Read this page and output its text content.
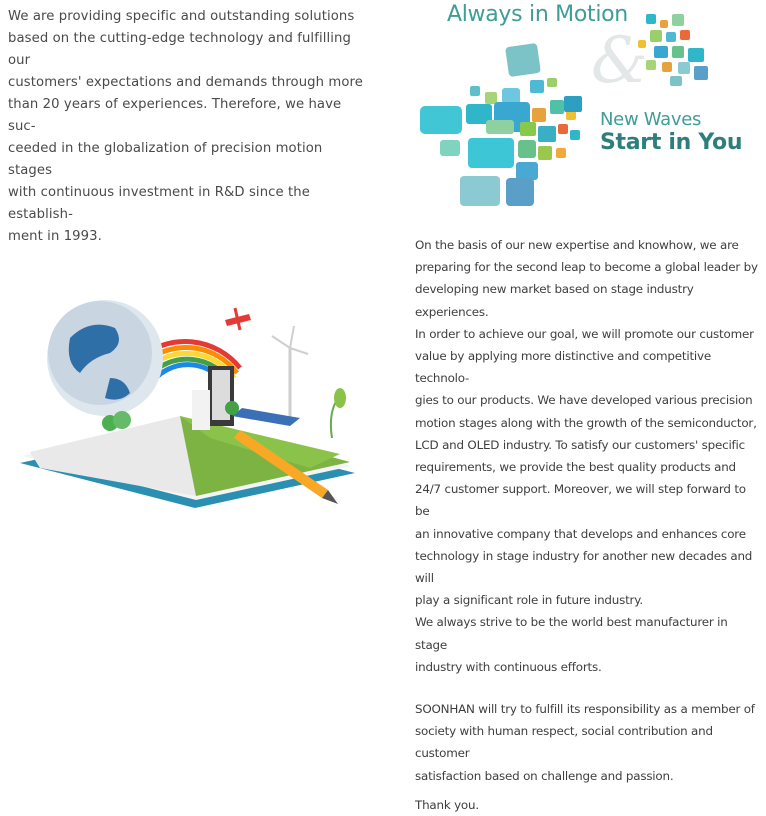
We are providing specific and outstanding solutions
based on the cutting-edge technology and fulfilling our
customers' expectations and demands through more
than 20 years of experiences. Therefore, we have suc-
ceeded in the globalization of precision motion stages
with continuous investment in R&D since the establish-
ment in 1993.
Always in Motion
&
New Waves
Start in You

On the basis of our new expertise and knowhow, we are

preparing for the second leap to become a global leader by

developing new market based on stage industry experiences.

In order to achieve our goal, we will promote our customer

value by applying more distinctive and competitive technolo-

gies to our products. We have developed various precision

motion stages along with the growth of the semiconductor,

LCD and OLED industry. To satisfy our customers' specific

requirements, we provide the best quality products and

24/7 customer support. Moreover, we will step forward to be

an innovative company that develops and enhances core

technology in stage industry for another new decades and will

play a significant role in future industry.

We always strive to be the world best manufacturer in stage

industry with continuous efforts.

SOONHAN will try to fulfill its responsibility as a member of

society with human respect, social contribution and customer

satisfaction based on challenge and passion.

Thank you.
